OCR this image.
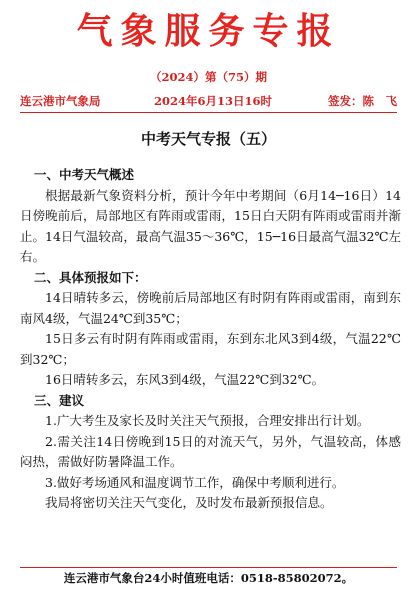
气象服务专报
（2024）第（75）期
连云港市气象局	2024年6月13日16时	签发：陈　飞
中考天气专报（五）
一、中考天气概述
根据最新气象资料分析，预计今年中考期间（6月14─16日）14日傍晚前后，局部地区有阵雨或雷雨，15日白天阴有阵雨或雷雨并渐止。14日气温较高，最高气温35～36℃，15─16日最高气温32℃左右。
二、具体预报如下：
14日晴转多云，傍晚前后局部地区有时阴有阵雨或雷雨，南到东南风4级，气温24℃到35℃；
15日多云有时阴有阵雨或雷雨，东到东北风3到4级，气温22℃到32℃；
16日晴转多云，东风3到4级，气温22℃到32℃。
三、建议
1.广大考生及家长及时关注天气预报，合理安排出行计划。
2.需关注14日傍晚到15日的对流天气，另外，气温较高，体感闷热，需做好防暑降温工作。
3.做好考场通风和温度调节工作，确保中考顺利进行。
我局将密切关注天气变化，及时发布最新预报信息。
连云港市气象台24小时值班电话：0518-85802072。
